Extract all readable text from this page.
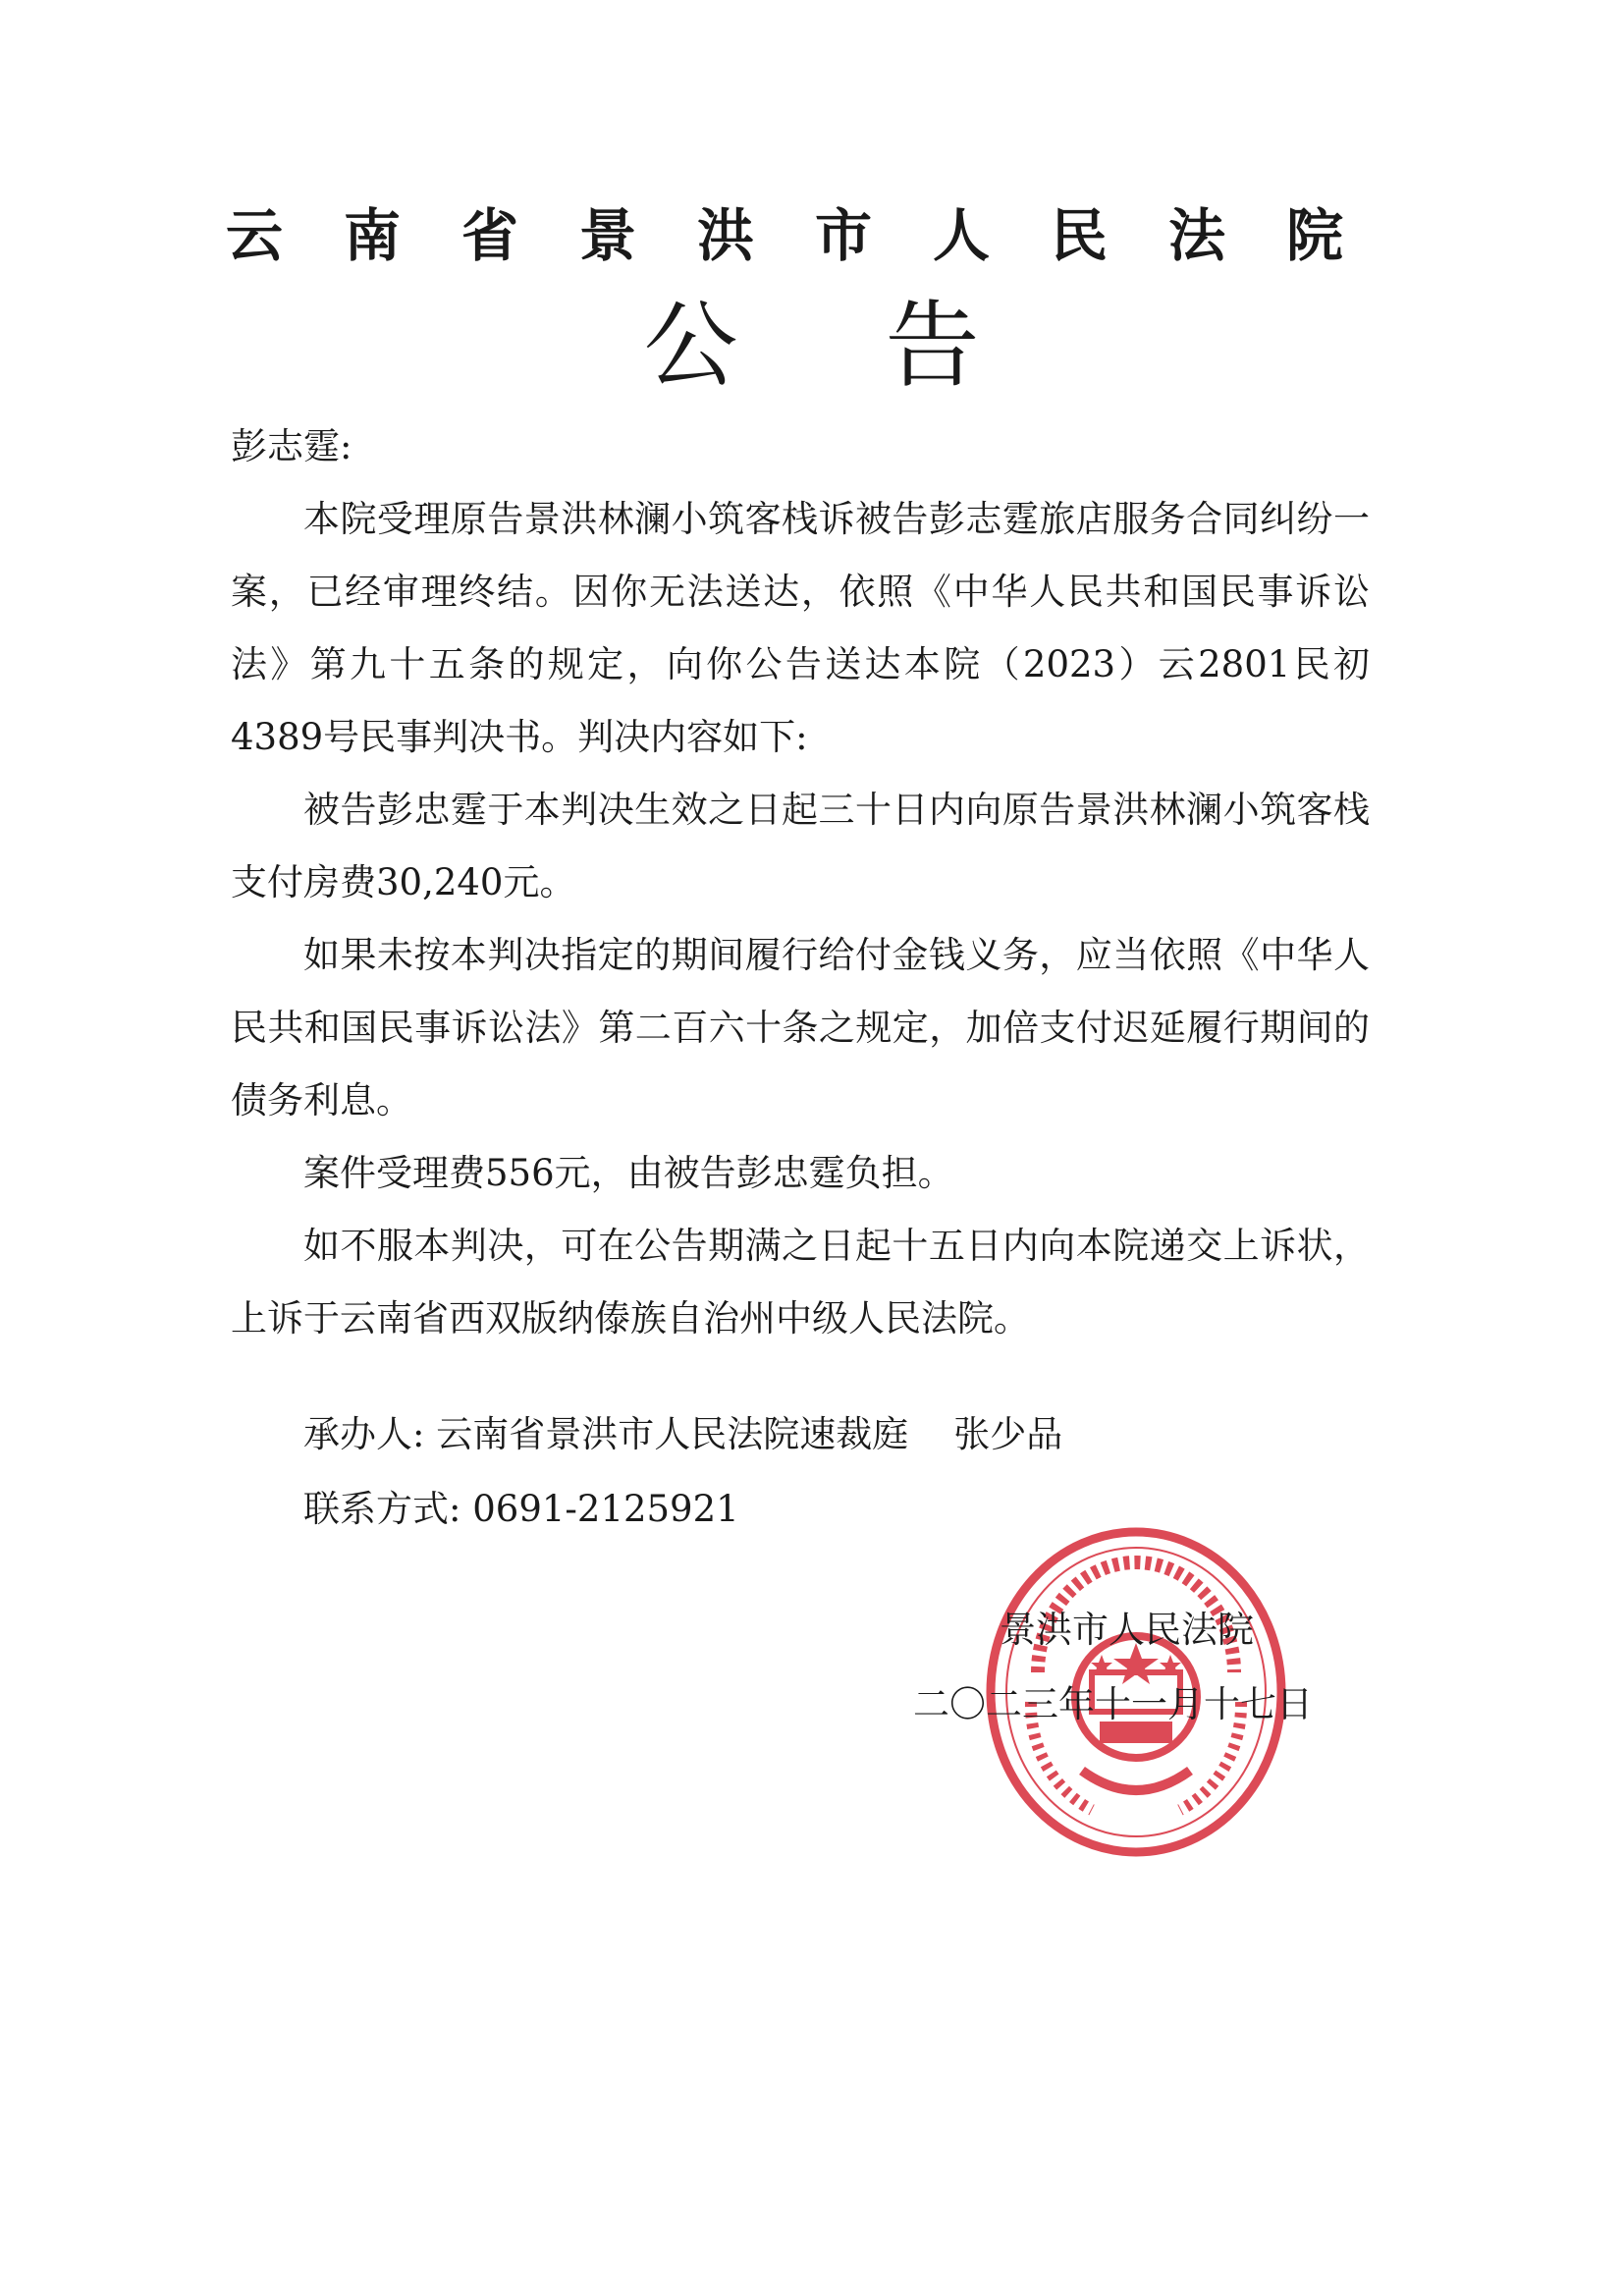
云南省景洪市人民法院
公告

彭志霆:

本院受理原告景洪林澜小筑客栈诉被告彭志霆旅店服务合同纠纷一案，已经审理终结。因你无法送达，依照《中华人民共和国民事诉讼法》第九十五条的规定，向你公告送达本院（2023）云2801民初4389号民事判决书。判决内容如下:

被告彭忠霆于本判决生效之日起三十日内向原告景洪林澜小筑客栈支付房费30,240元。

如果未按本判决指定的期间履行给付金钱义务，应当依照《中华人民共和国民事诉讼法》第二百六十条之规定，加倍支付迟延履行期间的债务利息。

案件受理费556元，由被告彭忠霆负担。

如不服本判决，可在公告期满之日起十五日内向本院递交上诉状，上诉于云南省西双版纳傣族自治州中级人民法院。

承办人: 云南省景洪市人民法院速裁庭 张少品

联系方式: 0691-2125921

景洪市人民法院

二〇二三年十一月十七日
